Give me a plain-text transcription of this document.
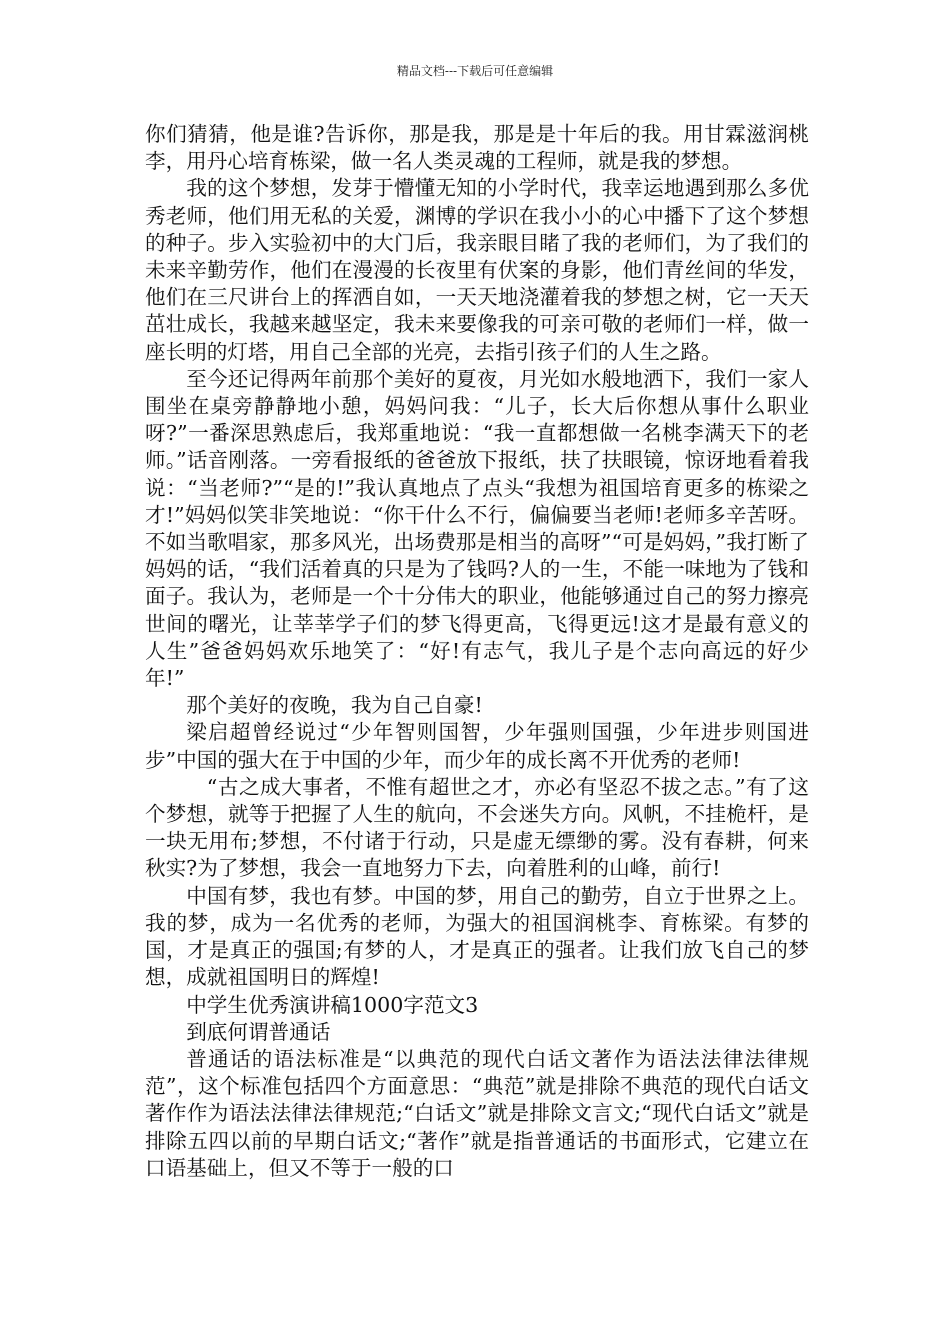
精品文档---下载后可任意编辑

你们猜猜，他是谁?告诉你，那是我，那是是十年后的我。用甘霖滋润桃李，用丹心培育栋梁，做一名人类灵魂的工程师，就是我的梦想。

我的这个梦想，发芽于懵懂无知的小学时代，我幸运地遇到那么多优秀老师，他们用无私的关爱，渊博的学识在我小小的心中播下了这个梦想的种子。步入实验初中的大门后，我亲眼目睹了我的老师们，为了我们的未来辛勤劳作，他们在漫漫的长夜里有伏案的身影，他们青丝间的华发，他们在三尺讲台上的挥洒自如，一天天地浇灌着我的梦想之树，它一天天茁壮成长，我越来越坚定，我未来要像我的可亲可敬的老师们一样，做一座长明的灯塔，用自己全部的光亮，去指引孩子们的人生之路。

至今还记得两年前那个美好的夏夜，月光如水般地洒下，我们一家人围坐在桌旁静静地小憩，妈妈问我：“儿子，长大后你想从事什么职业呀?”一番深思熟虑后，我郑重地说：“我一直都想做一名桃李满天下的老师。”话音刚落。一旁看报纸的爸爸放下报纸，扶了扶眼镜，惊讶地看着我说：“当老师?”“是的!”我认真地点了点头“我想为祖国培育更多的栋梁之才!”妈妈似笑非笑地说：“你干什么不行，偏偏要当老师!老师多辛苦呀。不如当歌唱家，那多风光，出场费那是相当的高呀”“可是妈妈，”我打断了妈妈的话，“我们活着真的只是为了钱吗?人的一生，不能一味地为了钱和面子。我认为，老师是一个十分伟大的职业，他能够通过自己的努力擦亮世间的曙光，让莘莘学子们的梦飞得更高，飞得更远!这才是最有意义的人生”爸爸妈妈欢乐地笑了：“好!有志气，我儿子是个志向高远的好少年!”

那个美好的夜晚，我为自己自豪!

梁启超曾经说过“少年智则国智，少年强则国强，少年进步则国进步”中国的强大在于中国的少年，而少年的成长离不开优秀的老师!

“古之成大事者，不惟有超世之才，亦必有坚忍不拔之志。”有了这个梦想，就等于把握了人生的航向，不会迷失方向。风帆，不挂桅杆，是一块无用布;梦想，不付诸于行动，只是虚无缥缈的雾。没有春耕，何来秋实?为了梦想，我会一直地努力下去，向着胜利的山峰，前行!

中国有梦，我也有梦。中国的梦，用自己的勤劳，自立于世界之上。我的梦，成为一名优秀的老师，为强大的祖国润桃李、育栋梁。有梦的国，才是真正的强国;有梦的人，才是真正的强者。让我们放飞自己的梦想，成就祖国明日的辉煌!

中学生优秀演讲稿1000字范文3

到底何谓普通话

普通话的语法标准是“以典范的现代白话文著作为语法法律法律规范”，这个标准包括四个方面意思：“典范”就是排除不典范的现代白话文著作作为语法法律法律规范;“白话文”就是排除文言文;“现代白话文”就是排除五四以前的早期白话文;“著作”就是指普通话的书面形式，它建立在口语基础上，但又不等于一般的口
